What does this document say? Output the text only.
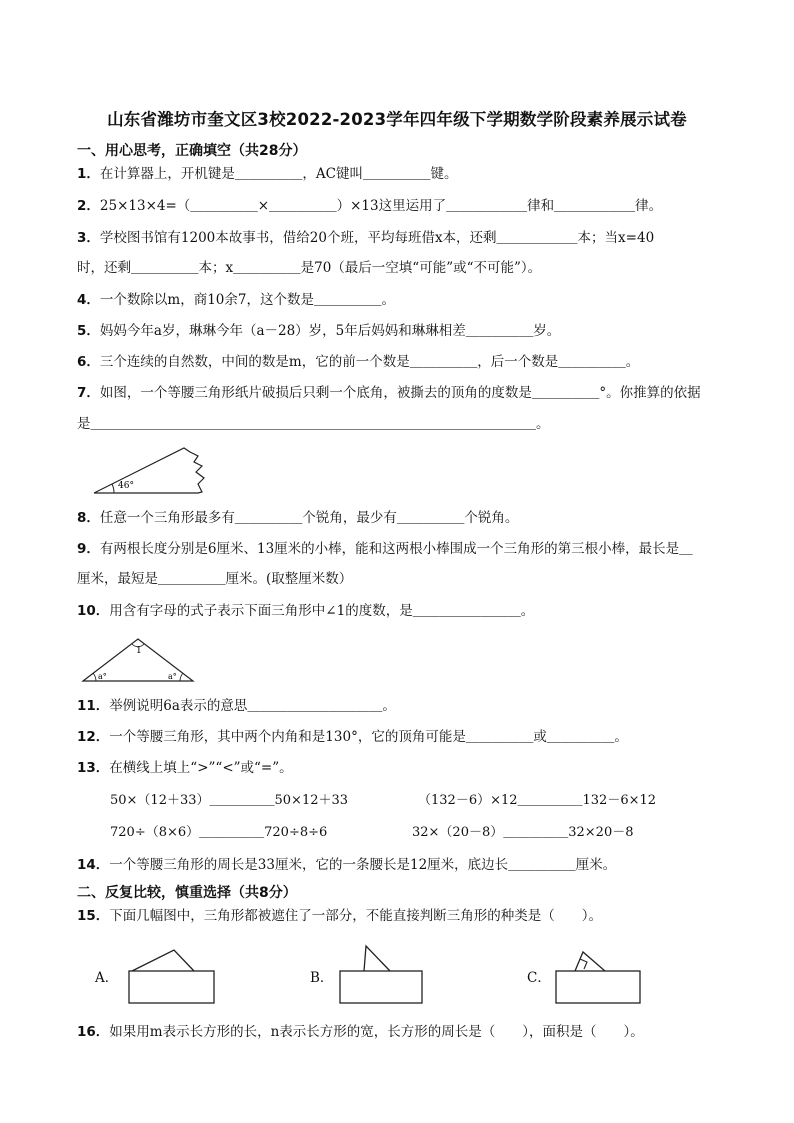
山东省潍坊市奎文区3校2022-2023学年四年级下学期数学阶段素养展示试卷
一、用心思考，正确填空（共28分）
1．在计算器上，开机键是＿＿＿＿＿，AC键叫＿＿＿＿＿键。
2．25×13×4=（＿＿＿＿＿×＿＿＿＿＿）×13这里运用了＿＿＿＿＿＿律和＿＿＿＿＿＿律。
3．学校图书馆有1200本故事书，借给20个班，平均每班借x本，还剩＿＿＿＿＿＿本；当x=40
时，还剩＿＿＿＿＿本；x＿＿＿＿＿是70（最后一空填“可能”或“不可能”）。
4．一个数除以m，商10余7，这个数是＿＿＿＿＿。
5．妈妈今年a岁，琳琳今年（a－28）岁，5年后妈妈和琳琳相差＿＿＿＿＿岁。
6．三个连续的自然数，中间的数是m，它的前一个数是＿＿＿＿＿，后一个数是＿＿＿＿＿。
7．如图，一个等腰三角形纸片破损后只剩一个底角，被撕去的顶角的度数是＿＿＿＿＿°。你推算的依据
是＿＿＿＿＿＿＿＿＿＿＿＿＿＿＿＿＿＿＿＿＿＿＿＿＿＿＿＿＿＿＿＿＿。
46°
8．任意一个三角形最多有＿＿＿＿＿个锐角，最少有＿＿＿＿＿个锐角。
9．有两根长度分别是6厘米、13厘米的小棒，能和这两根小棒围成一个三角形的第三根小棒，最长是＿
厘米，最短是＿＿＿＿＿厘米。(取整厘米数）
10．用含有字母的式子表示下面三角形中∠1的度数，是＿＿＿＿＿＿＿＿。
1
a°	a°
11．举例说明6a表示的意思＿＿＿＿＿＿＿＿＿＿。
12．一个等腰三角形，其中两个内角和是130°，它的顶角可能是＿＿＿＿＿或＿＿＿＿＿。
13．在横线上填上“>”“<”或“=”。
50×（12＋33）＿＿＿＿＿50×12＋33	（132－6）×12＿＿＿＿＿132－6×12
720÷（8×6）＿＿＿＿＿720÷8÷6	32×（20－8）＿＿＿＿＿32×20－8
14．一个等腰三角形的周长是33厘米，它的一条腰长是12厘米，底边长＿＿＿＿＿厘米。
二、反复比较，慎重选择（共8分）
15．下面几幅图中，三角形都被遮住了一部分，不能直接判断三角形的种类是（　　）。
A．	B．	C．
16．如果用m表示长方形的长，n表示长方形的宽，长方形的周长是（　　），面积是（　　）。
